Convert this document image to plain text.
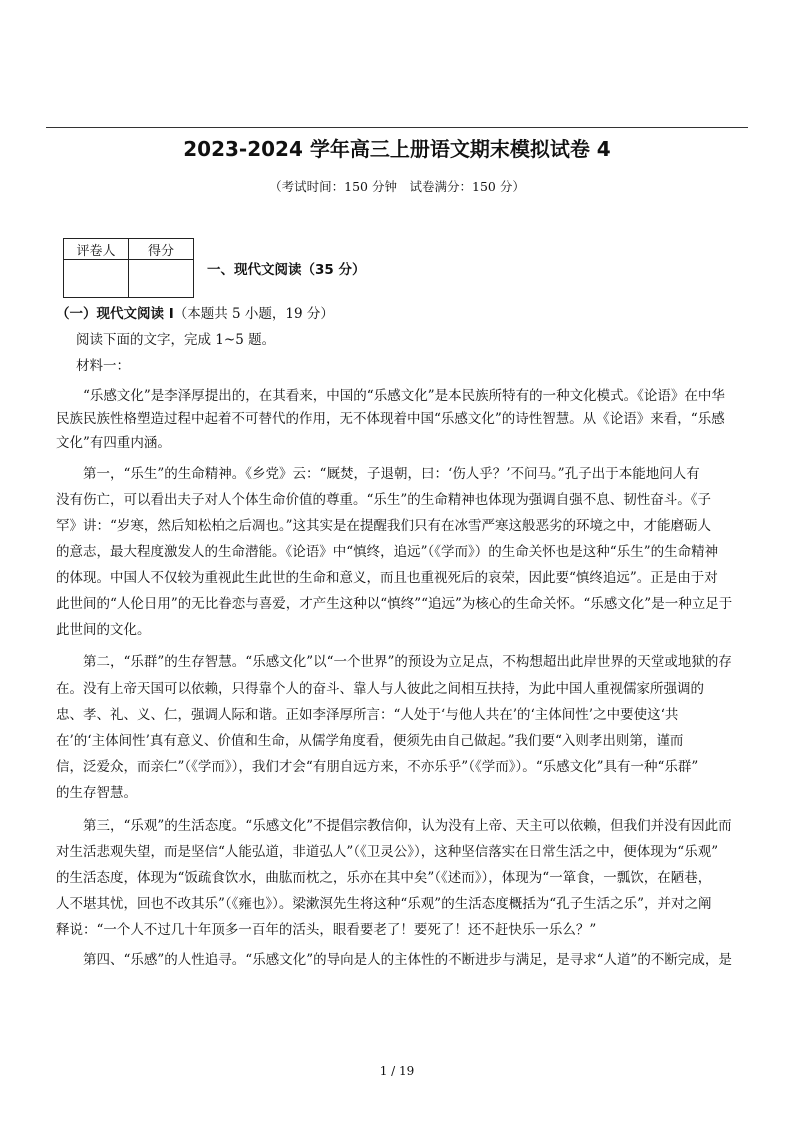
2023-2024 学年高三上册语文期末模拟试卷 4
（考试时间：150 分钟　试卷满分：150 分）
评卷人	得分

一、现代文阅读（35 分）
（一）现代文阅读 I（本题共 5 小题，19 分）
阅读下面的文字，完成 1~5 题。
材料一：
　　“乐感文化”是李泽厚提出的，在其看来，中国的“乐感文化”是本民族所特有的一种文化模式。《论语》在中华
民族民族性格塑造过程中起着不可替代的作用，无不体现着中国“乐感文化”的诗性智慧。从《论语》来看，“乐感
文化”有四重内涵。
　　第一，“乐生”的生命精神。《乡党》云：“厩焚，子退朝，曰：‘伤人乎？’不问马。”孔子出于本能地问人有
没有伤亡，可以看出夫子对人个体生命价值的尊重。“乐生”的生命精神也体现为强调自强不息、韧性奋斗。《子
罕》讲：“岁寒，然后知松柏之后凋也。”这其实是在提醒我们只有在冰雪严寒这般恶劣的环境之中，才能磨砺人
的意志，最大程度激发人的生命潜能。《论语》中“慎终，追远”（《学而》）的生命关怀也是这种“乐生”的生命精神
的体现。中国人不仅较为重视此生此世的生命和意义，而且也重视死后的哀荣，因此要“慎终追远”。正是由于对
此世间的“人伦日用”的无比眷恋与喜爱，才产生这种以“慎终”“追远”为核心的生命关怀。“乐感文化”是一种立足于
此世间的文化。
　　第二，“乐群”的生存智慧。“乐感文化”以“一个世界”的预设为立足点，不构想超出此岸世界的天堂或地狱的存
在。没有上帝天国可以依赖，只得靠个人的奋斗、靠人与人彼此之间相互扶持，为此中国人重视儒家所强调的
忠、孝、礼、义、仁，强调人际和谐。正如李泽厚所言：“人处于‘与他人共在’的‘主体间性’之中要使这‘共
在’的‘主体间性’真有意义、价值和生命，从儒学角度看，便须先由自己做起。”我们要“入则孝出则第，谨而
信，泛爱众，而亲仁”（《学而》），我们才会“有朋自远方来，不亦乐乎”（《学而》）。“乐感文化”具有一种“乐群”
的生存智慧。
　　第三，“乐观”的生活态度。“乐感文化”不提倡宗教信仰，认为没有上帝、天主可以依赖，但我们并没有因此而
对生活悲观失望，而是坚信“人能弘道，非道弘人”（《卫灵公》），这种坚信落实在日常生活之中，便体现为“乐观”
的生活态度，体现为“饭疏食饮水，曲肱而枕之，乐亦在其中矣”（《述而》），体现为“一箪食，一瓢饮，在陋巷，
人不堪其忧，回也不改其乐”（《雍也》）。梁漱溟先生将这种“乐观”的生活态度概括为“孔子生活之乐”，并对之阐
释说：“一个人不过几十年顶多一百年的活头，眼看要老了！要死了！还不赶快乐一乐么？”
　　第四、“乐感”的人性追寻。“乐感文化”的导向是人的主体性的不断进步与满足，是寻求“人道”的不断完成，是
1 / 19
